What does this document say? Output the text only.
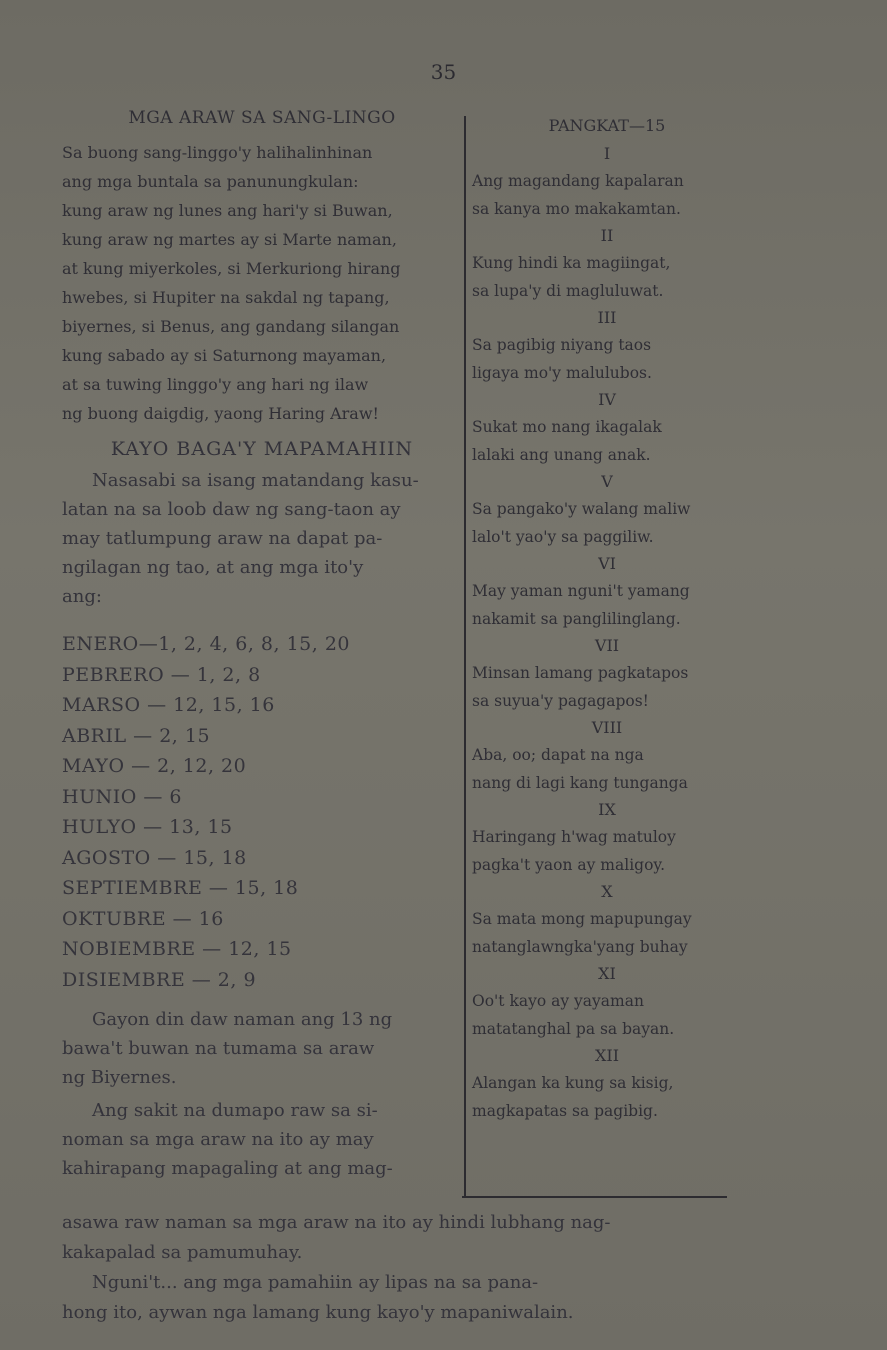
35
MGA ARAW SA SANG-LINGO
Sa buong sang-linggo'y halihalinhinan
ang mga buntala sa panunungkulan:
kung araw ng lunes ang hari'y si Buwan,
kung araw ng martes ay si Marte naman,
at kung miyerkoles, si Merkuriong hirang
hwebes, si Hupiter na sakdal ng tapang,
biyernes, si Benus, ang gandang silangan
kung sabado ay si Saturnong mayaman,
at sa tuwing linggo'y ang hari ng ilaw
ng buong daigdig, yaong Haring Araw!
KAYO BAGA'Y MAPAMAHIIN
Nasasabi sa isang matandang kasu-
latan na sa loob daw ng sang-taon ay
may tatlumpung araw na dapat pa-
ngilagan ng tao, at ang mga ito'y
ang:
ENERO—1, 2, 4, 6, 8, 15, 20
PEBRERO — 1, 2, 8
MARSO — 12, 15, 16
ABRIL — 2, 15
MAYO — 2, 12, 20
HUNIO — 6
HULYO — 13, 15
AGOSTO — 15, 18
SEPTIEMBRE — 15, 18
OKTUBRE — 16
NOBIEMBRE — 12, 15
DISIEMBRE — 2, 9
Gayon din daw naman ang 13 ng
bawa't buwan na tumama sa araw
ng Biyernes.
Ang sakit na dumapo raw sa si-
noman sa mga araw na ito ay may
kahirapang mapagaling at ang mag-
PANGKAT—15
I
Ang magandang kapalaran
sa kanya mo makakamtan.
II
Kung hindi ka magiingat,
sa lupa'y di magluluwat.
III
Sa pagibig niyang taos
ligaya mo'y malulubos.
IV
Sukat mo nang ikagalak
lalaki ang unang anak.
V
Sa pangako'y walang maliw
lalo't yao'y sa paggiliw.
VI
May yaman nguni't yamang
nakamit sa panglilinglang.
VII
Minsan lamang pagkatapos
sa suyua'y pagagapos!
VIII
Aba, oo; dapat na nga
nang di lagi kang tunganga
IX
Haringang h'wag matuloy
pagka't yaon ay maligoy.
X
Sa mata mong mapupungay
natanglawngka'yang buhay
XI
Oo't kayo ay yayaman
matatanghal pa sa bayan.
XII
Alangan ka kung sa kisig,
magkapatas sa pagibig.
asawa raw naman sa mga araw na ito ay hindi lubhang nag-
kakapalad sa pamumuhay.
Nguni't... ang mga pamahiin ay lipas na sa pana-
hong ito, aywan nga lamang kung kayo'y mapaniwalain.
